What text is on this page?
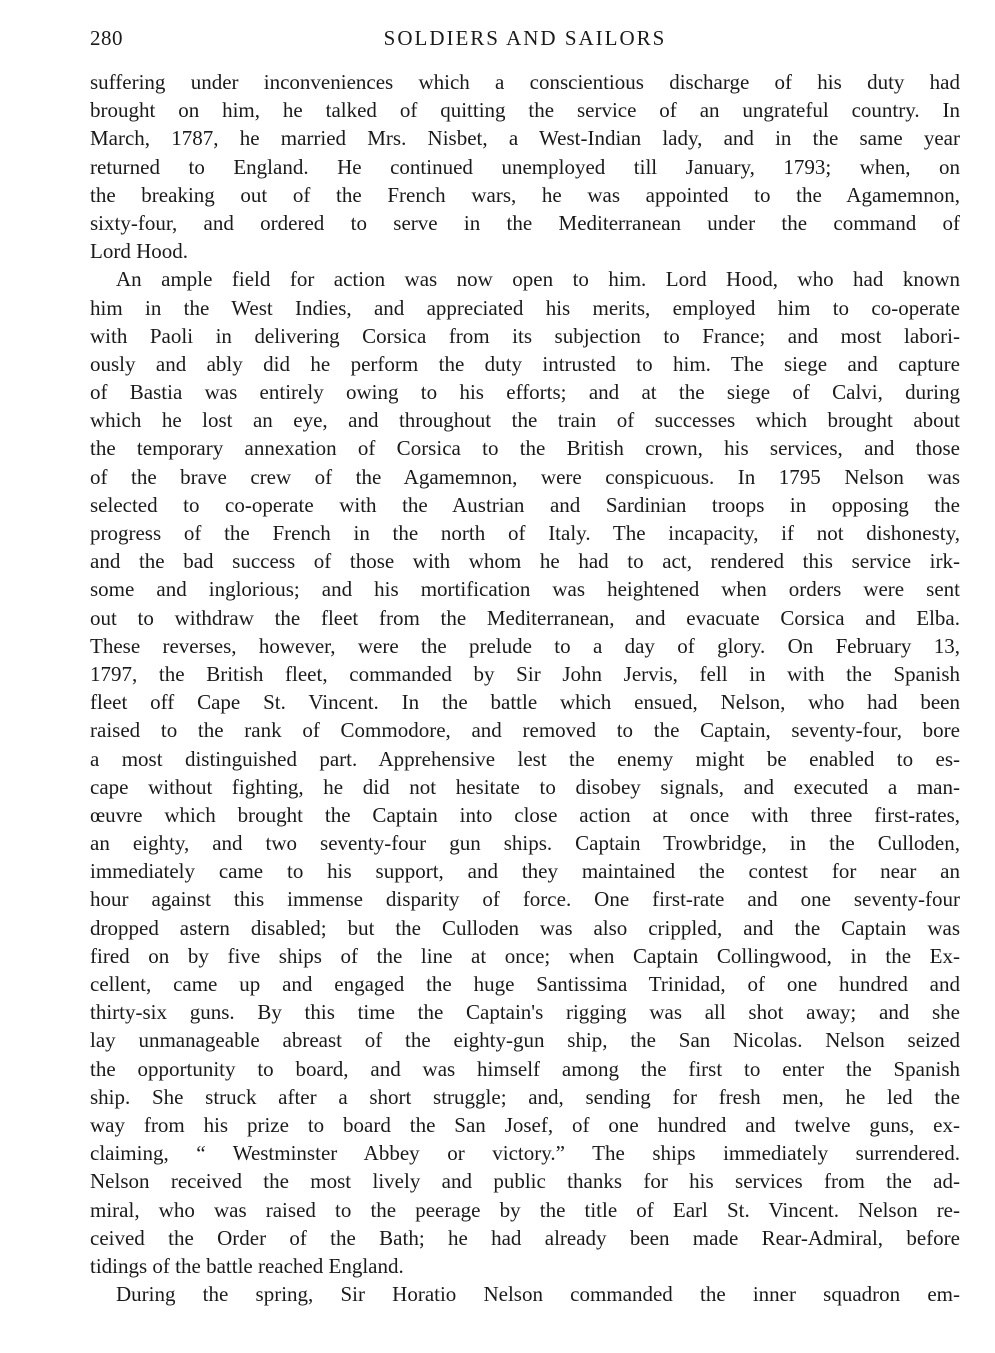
280	SOLDIERS AND SAILORS
suffering under inconveniences which a conscientious discharge of his duty had
brought on him, he talked of quitting the service of an ungrateful country. In
March, 1787, he married Mrs. Nisbet, a West-Indian lady, and in the same year
returned to England. He continued unemployed till January, 1793; when, on
the breaking out of the French wars, he was appointed to the Agamemnon,
sixty-four, and ordered to serve in the Mediterranean under the command of
Lord Hood.
An ample field for action was now open to him. Lord Hood, who had known
him in the West Indies, and appreciated his merits, employed him to co-operate
with Paoli in delivering Corsica from its subjection to France; and most labori-
ously and ably did he perform the duty intrusted to him. The siege and capture
of Bastia was entirely owing to his efforts; and at the siege of Calvi, during
which he lost an eye, and throughout the train of successes which brought about
the temporary annexation of Corsica to the British crown, his services, and those
of the brave crew of the Agamemnon, were conspicuous. In 1795 Nelson was
selected to co-operate with the Austrian and Sardinian troops in opposing the
progress of the French in the north of Italy. The incapacity, if not dishonesty,
and the bad success of those with whom he had to act, rendered this service irk-
some and inglorious; and his mortification was heightened when orders were sent
out to withdraw the fleet from the Mediterranean, and evacuate Corsica and Elba.
These reverses, however, were the prelude to a day of glory. On February 13,
1797, the British fleet, commanded by Sir John Jervis, fell in with the Spanish
fleet off Cape St. Vincent. In the battle which ensued, Nelson, who had been
raised to the rank of Commodore, and removed to the Captain, seventy-four, bore
a most distinguished part. Apprehensive lest the enemy might be enabled to es-
cape without fighting, he did not hesitate to disobey signals, and executed a man-
œuvre which brought the Captain into close action at once with three first-rates,
an eighty, and two seventy-four gun ships. Captain Trowbridge, in the Culloden,
immediately came to his support, and they maintained the contest for near an
hour against this immense disparity of force. One first-rate and one seventy-four
dropped astern disabled; but the Culloden was also crippled, and the Captain was
fired on by five ships of the line at once; when Captain Collingwood, in the Ex-
cellent, came up and engaged the huge Santissima Trinidad, of one hundred and
thirty-six guns. By this time the Captain's rigging was all shot away; and she
lay unmanageable abreast of the eighty-gun ship, the San Nicolas. Nelson seized
the opportunity to board, and was himself among the first to enter the Spanish
ship. She struck after a short struggle; and, sending for fresh men, he led the
way from his prize to board the San Josef, of one hundred and twelve guns, ex-
claiming, “ Westminster Abbey or victory.” The ships immediately surrendered.
Nelson received the most lively and public thanks for his services from the ad-
miral, who was raised to the peerage by the title of Earl St. Vincent. Nelson re-
ceived the Order of the Bath; he had already been made Rear-Admiral, before
tidings of the battle reached England.
During the spring, Sir Horatio Nelson commanded the inner squadron em-
